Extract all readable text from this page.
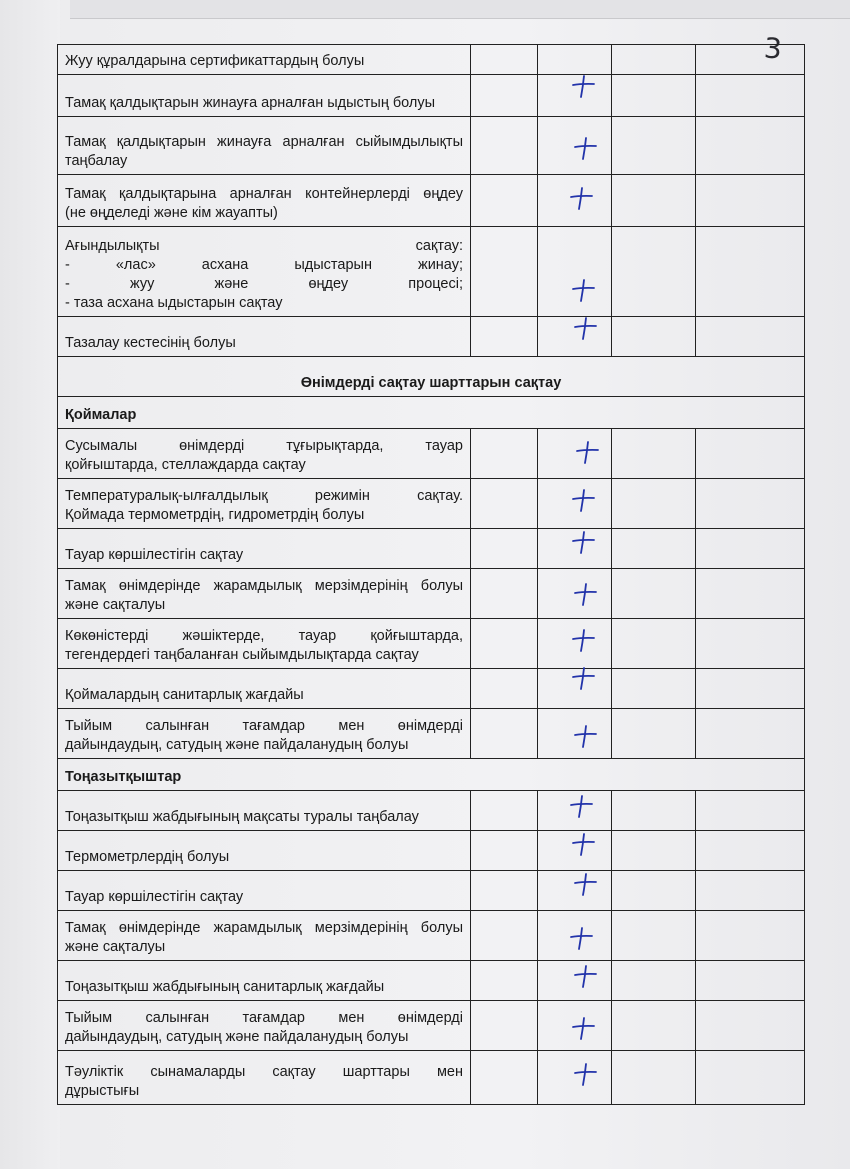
3
Жуу құралдарына сертификаттардың болуы				

Тамақ қалдықтарын жинауға арналған ыдыстың болуы

Тамақ қалдықтарын жинауға арналған сыйымдылықты
таңбалау

Тамақ қалдықтарына арналған контейнерлерді өңдеу
(не өңделеді және кім жауапты)

Ағындылықты сақтау:
- «лас» асхана ыдыстарын жинау;
- жуу және өңдеу процесі;
- таза асхана ыдыстарын сақтау

Тазалау кестесінің болуы

Өнімдерді сақтау шарттарын сақтау				
Қоймалар				

Сусымалы өнімдерді тұғырықтарда, тауар
қойғыштарда, стеллаждарда сақтау

Температуралық-ылғалдылық режимін сақтау.
Қоймада термометрдің, гидрометрдің болуы

Тауар көршілестігін сақтау

Тамақ өнімдерінде жарамдылық мерзімдерінің болуы
және сақталуы

Көкөністерді жәшіктерде, тауар қойғыштарда,
тегендердегі таңбаланған сыйымдылықтарда сақтау

Қоймалардың санитарлық жағдайы

Тыйым салынған тағамдар мен өнімдерді
дайындаудың, сатудың және пайдаланудың болуы

Тоңазытқыштар				

Тоңазытқыш жабдығының мақсаты туралы таңбалау

Термометрлердің болуы

Тауар көршілестігін сақтау

Тамақ өнімдерінде жарамдылық мерзімдерінің болуы
және сақталуы

Тоңазытқыш жабдығының санитарлық жағдайы

Тыйым салынған тағамдар мен өнімдерді
дайындаудың, сатудың және пайдаланудың болуы

Тәуліктік сынамаларды сақтау шарттары мен
дұрыстығы
